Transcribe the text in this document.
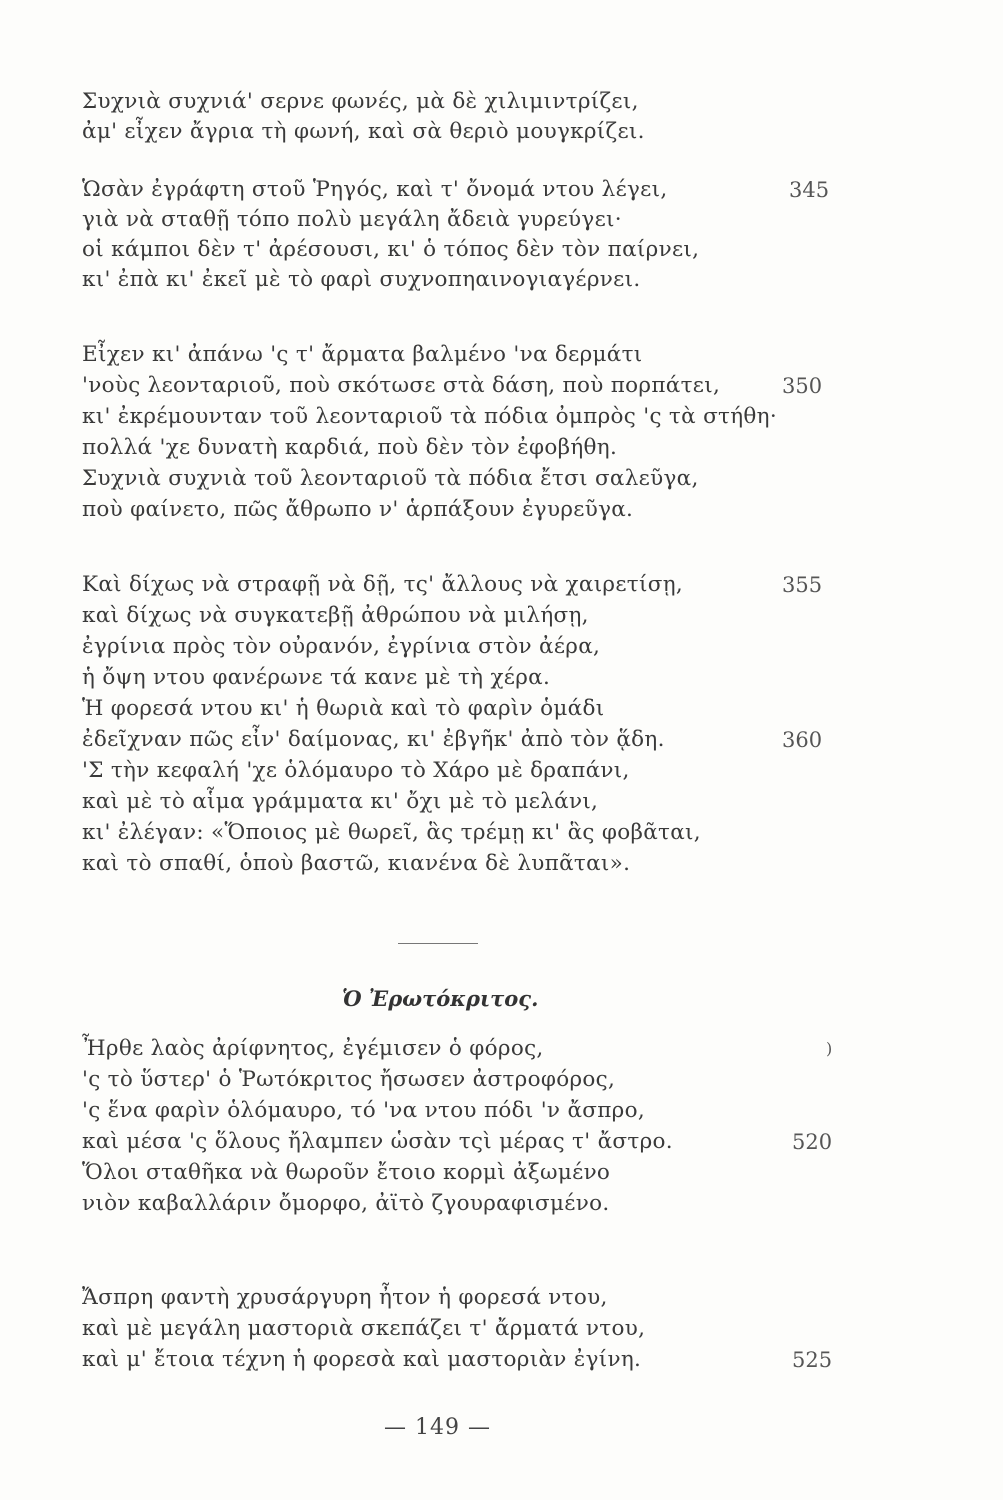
Συχνιὰ συχνιά' σερνε φωνές, μὰ δὲ χιλιμιντρίζει,
ἀμ' εἶχεν ἄγρια τὴ φωνή, καὶ σὰ θεριὸ μουγκρίζει.
Ὡσὰν ἐγράφτη στοῦ Ῥηγός, καὶ τ' ὄνομά ντου λέγει,
γιὰ νὰ σταθῇ τόπο πολὺ μεγάλη ἄδειὰ γυρεύγει·
οἱ κάμποι δὲν τ' ἀρέσουσι, κι' ὁ τόπος δὲν τὸν παίρνει,
κι' ἐπὰ κι' ἐκεῖ μὲ τὸ φαρὶ συχνοπηαινογιαγέρνει.
345
Εἶχεν κι' ἀπάνω 'ς τ' ἄρματα βαλμένο 'να δερμάτι
'νοὺς λεονταριοῦ, ποὺ σκότωσε στὰ δάση, ποὺ πορπάτει,
κι' ἐκρέμουνταν τοῦ λεονταριοῦ τὰ πόδια ὀμπρὸς 'ς τὰ στήθη·
πολλά 'χε δυνατὴ καρδιά, ποὺ δὲν τὸν ἐφοβήθη.
Συχνιὰ συχνιὰ τοῦ λεονταριοῦ τὰ πόδια ἔτσι σαλεῦγα,
ποὺ φαίνετο, πῶς ἄθρωπο ν' ἁρπάξουν ἐγυρεῦγα.
350
Καὶ δίχως νὰ στραφῇ νὰ δῇ, τς' ἄλλους νὰ χαιρετίσῃ,
καὶ δίχως νὰ συγκατεβῇ ἀθρώπου νὰ μιλήσῃ,
ἐγρίνια πρὸς τὸν οὐρανόν, ἐγρίνια στὸν ἀέρα,
ἡ ὄψη ντου φανέρωνε τά κανε μὲ τὴ χέρα.
Ἡ φορεσά ντου κι' ἡ θωριὰ καὶ τὸ φαρὶν ὁμάδι
ἐδεῖχναν πῶς εἶν' δαίμονας, κι' ἐβγῆκ' ἀπὸ τὸν ᾅδη.
'Σ τὴν κεφαλή 'χε ὁλόμαυρο τὸ Χάρο μὲ δραπάνι,
καὶ μὲ τὸ αἷμα γράμματα κι' ὄχι μὲ τὸ μελάνι,
κι' ἐλέγαν: «Ὅποιος μὲ θωρεῖ, ἃς τρέμῃ κι' ἃς φοβᾶται,
καὶ τὸ σπαθί, ὁποὺ βαστῶ, κιανένα δὲ λυπᾶται».
355
360
Ὁ Ἐρωτόκριτος.
Ἦρθε λαὸς ἀρίφνητος, ἐγέμισεν ὁ φόρος,
'ς τὸ ὕστερ' ὁ Ῥωτόκριτος ἤσωσεν ἀστροφόρος,
'ς ἕνα φαρὶν ὁλόμαυρο, τό 'να ντου πόδι 'ν ἄσπρο,
καὶ μέσα 'ς ὅλους ἤλαμπεν ὡσὰν τςὶ μέρας τ' ἄστρο.
Ὅλοι σταθῆκα νὰ θωροῦν ἔτοιο κορμὶ ἀξωμένο
νιὸν καβαλλάριν ὄμορφο, ἀϊτὸ ζγουραφισμένο.
)
520
Ἄσπρη φαντὴ χρυσάργυρη ἦτον ἡ φορεσά ντου,
καὶ μὲ μεγάλη μαστοριὰ σκεπάζει τ' ἄρματά ντου,
καὶ μ' ἔτοια τέχνη ἡ φορεσὰ καὶ μαστοριὰν ἐγίνη.	525
— 149 —
